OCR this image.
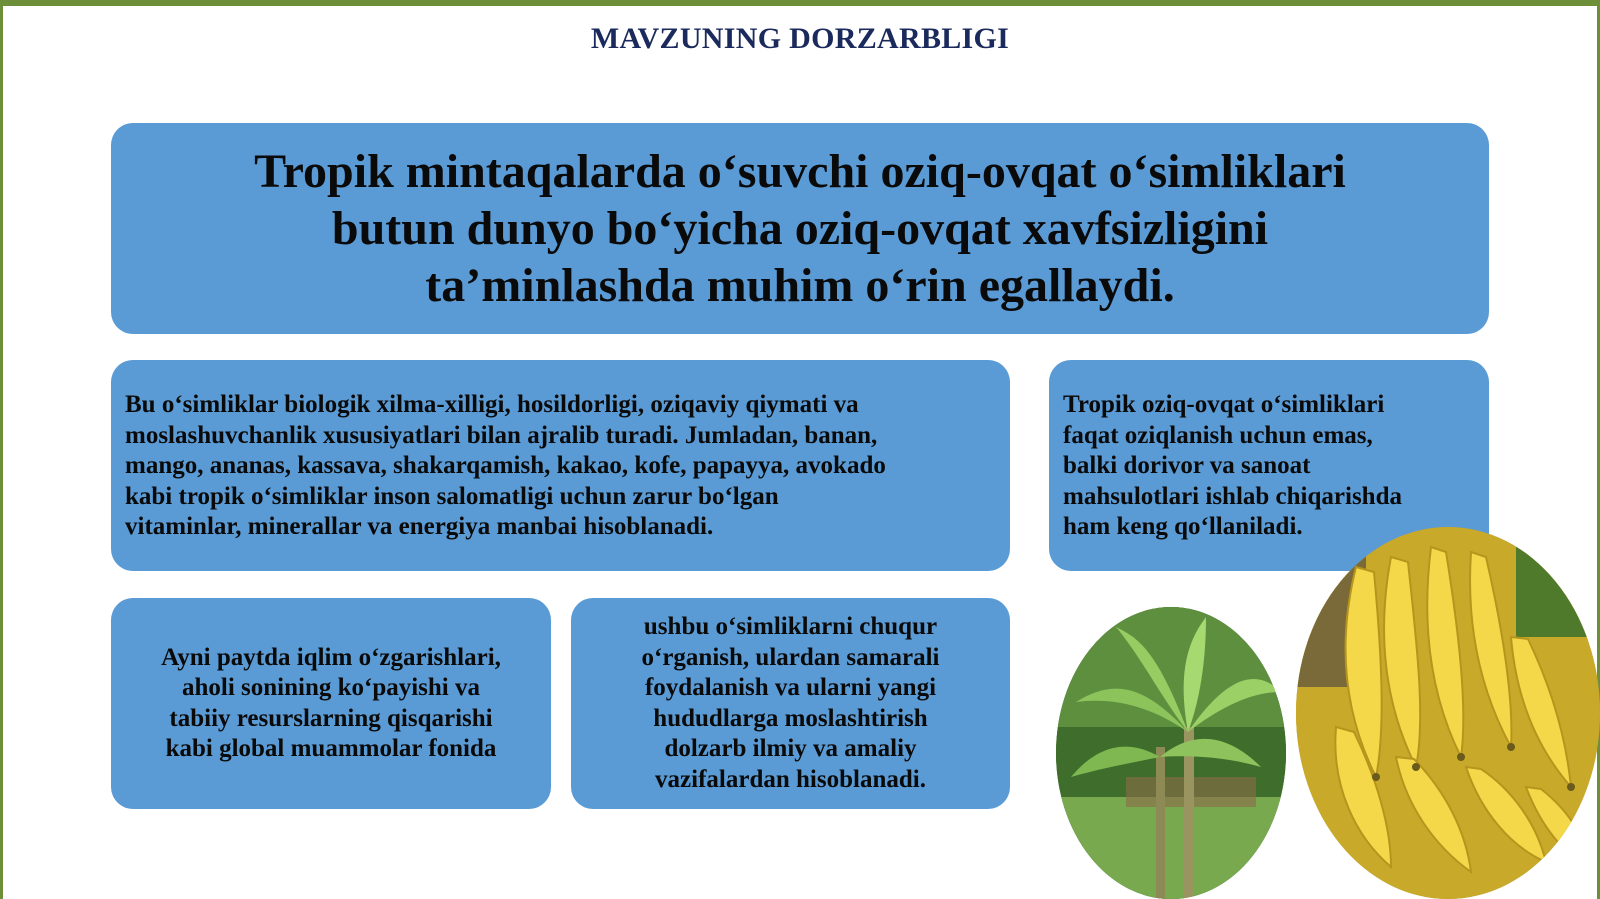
MAVZUNING DORZARBLIGI
Tropik mintaqalarda o‘suvchi oziq-ovqat o‘simliklari
butun dunyo bo‘yicha oziq-ovqat xavfsizligini
ta’minlashda muhim o‘rin egallaydi.
Bu o‘simliklar biologik xilma-xilligi, hosildorligi, oziqaviy qiymati va
moslashuvchanlik xususiyatlari bilan ajralib turadi. Jumladan, banan,
mango, ananas, kassava, shakarqamish, kakao, kofe, papayya, avokado
kabi tropik o‘simliklar inson salomatligi uchun zarur bo‘lgan
vitaminlar, minerallar va energiya manbai hisoblanadi.
Tropik oziq-ovqat o‘simliklari
faqat oziqlanish uchun emas,
balki dorivor va sanoat
mahsulotlari ishlab chiqarishda
ham keng qo‘llaniladi.
Ayni paytda iqlim o‘zgarishlari,
aholi sonining ko‘payishi va
tabiiy resurslarning qisqarishi
kabi global muammolar fonida
ushbu o‘simliklarni chuqur
o‘rganish, ulardan samarali
foydalanish va ularni yangi
hududlarga moslashtirish
dolzarb ilmiy va amaliy
vazifalardan hisoblanadi.
